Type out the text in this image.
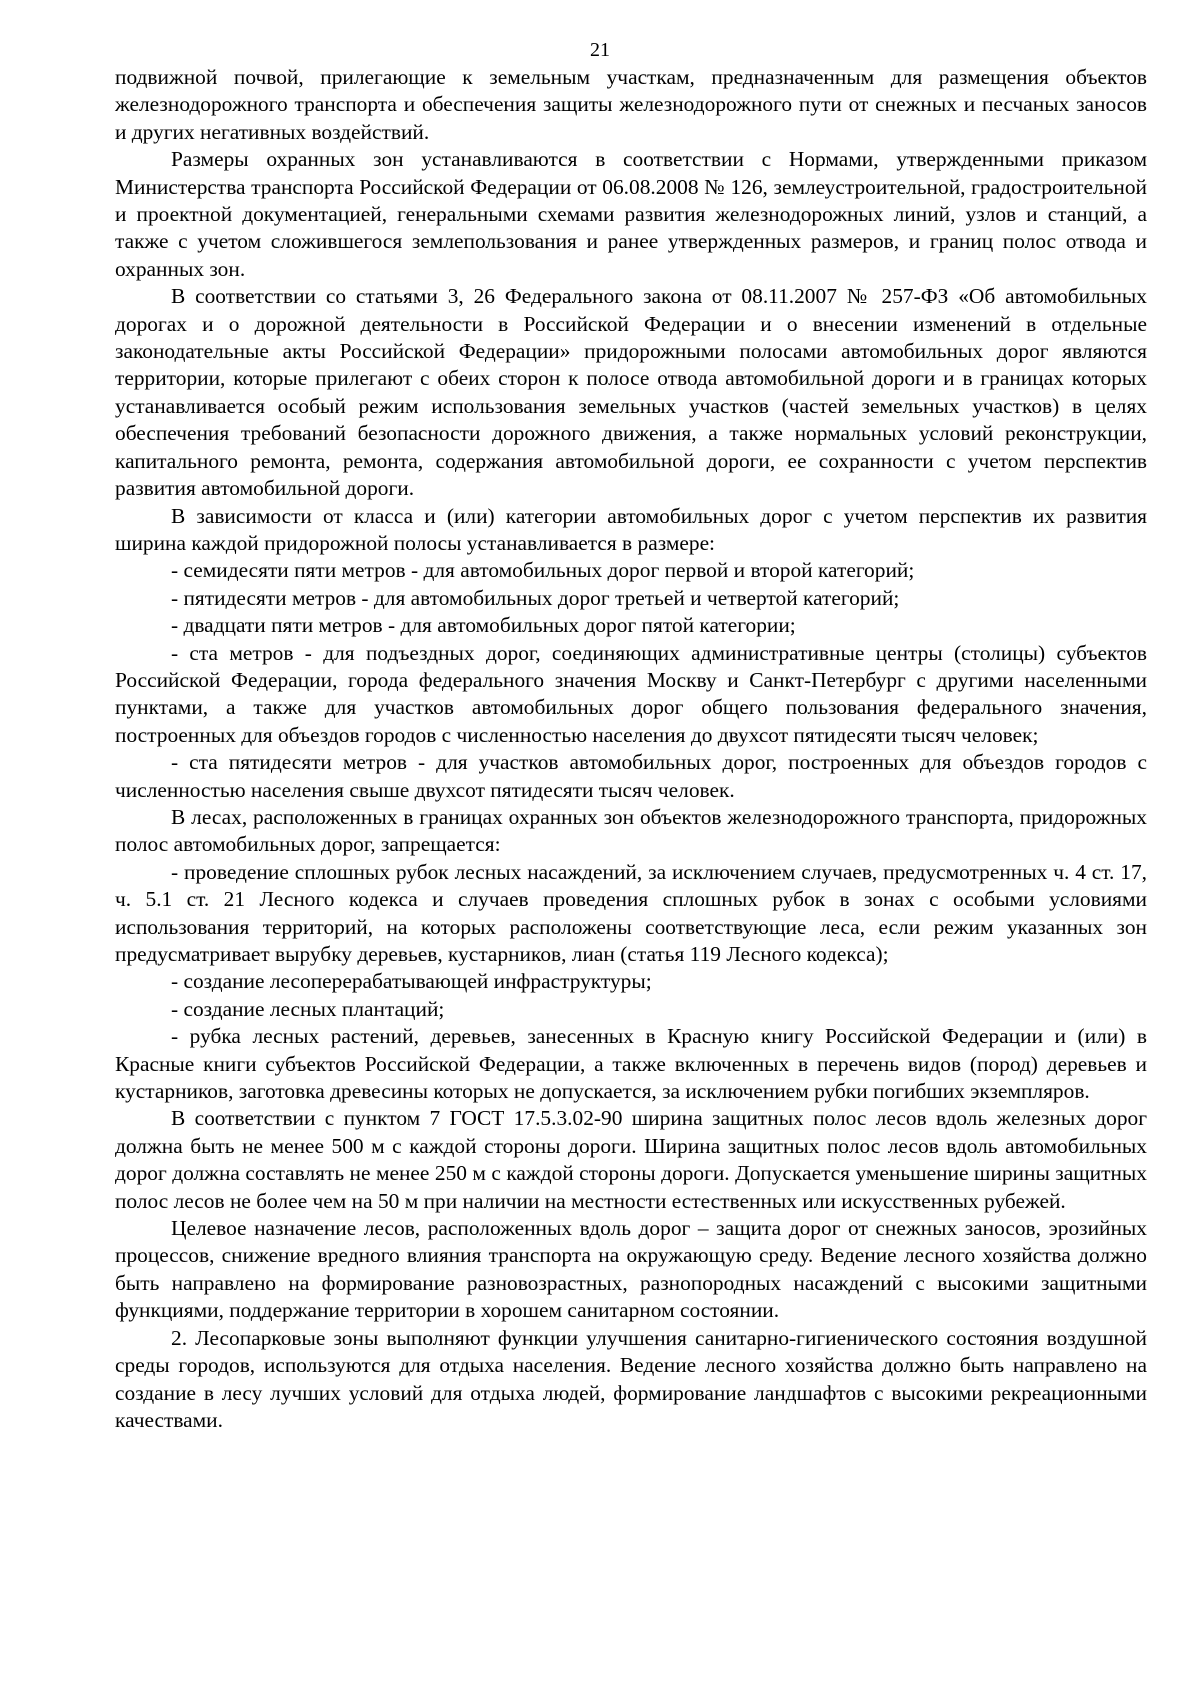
21

подвижной почвой, прилегающие к земельным участкам, предназначенным для размещения объектов железнодорожного транспорта и обеспечения защиты железнодорожного пути от снежных и песчаных заносов и других негативных воздействий.

Размеры охранных зон устанавливаются в соответствии с Нормами, утвержденными приказом Министерства транспорта Российской Федерации от 06.08.2008 № 126, землеустроительной, градостроительной и проектной документацией, генеральными схемами развития железнодорожных линий, узлов и станций, а также с учетом сложившегося землепользования и ранее утвержденных размеров, и границ полос отвода и охранных зон.

В соответствии со статьями 3, 26 Федерального закона от 08.11.2007 № 257-ФЗ «Об автомобильных дорогах и о дорожной деятельности в Российской Федерации и о внесении изменений в отдельные законодательные акты Российской Федерации» придорожными полосами автомобильных дорог являются территории, которые прилегают с обеих сторон к полосе отвода автомобильной дороги и в границах которых устанавливается особый режим использования земельных участков (частей земельных участков) в целях обеспечения требований безопасности дорожного движения, а также нормальных условий реконструкции, капитального ремонта, ремонта, содержания автомобильной дороги, ее сохранности с учетом перспектив развития автомобильной дороги.

В зависимости от класса и (или) категории автомобильных дорог с учетом перспектив их развития ширина каждой придорожной полосы устанавливается в размере:

- семидесяти пяти метров - для автомобильных дорог первой и второй категорий;

- пятидесяти метров - для автомобильных дорог третьей и четвертой категорий;

- двадцати пяти метров - для автомобильных дорог пятой категории;

- ста метров - для подъездных дорог, соединяющих административные центры (столицы) субъектов Российской Федерации, города федерального значения Москву и Санкт-Петербург с другими населенными пунктами, а также для участков автомобильных дорог общего пользования федерального значения, построенных для объездов городов с численностью населения до двухсот пятидесяти тысяч человек;

- ста пятидесяти метров - для участков автомобильных дорог, построенных для объездов городов с численностью населения свыше двухсот пятидесяти тысяч человек.

В лесах, расположенных в границах охранных зон объектов железнодорожного транспорта, придорожных полос автомобильных дорог, запрещается:

- проведение сплошных рубок лесных насаждений, за исключением случаев, предусмотренных ч. 4 ст. 17, ч. 5.1 ст. 21 Лесного кодекса и случаев проведения сплошных рубок в зонах с особыми условиями использования территорий, на которых расположены соответствующие леса, если режим указанных зон предусматривает вырубку деревьев, кустарников, лиан (статья 119 Лесного кодекса);

- создание лесоперерабатывающей инфраструктуры;

- создание лесных плантаций;

- рубка лесных растений, деревьев, занесенных в Красную книгу Российской Федерации и (или) в Красные книги субъектов Российской Федерации, а также включенных в перечень видов (пород) деревьев и кустарников, заготовка древесины которых не допускается, за исключением рубки погибших экземпляров.

В соответствии с пунктом 7 ГОСТ 17.5.3.02-90 ширина защитных полос лесов вдоль железных дорог должна быть не менее 500 м с каждой стороны дороги. Ширина защитных полос лесов вдоль автомобильных дорог должна составлять не менее 250 м с каждой стороны дороги. Допускается уменьшение ширины защитных полос лесов не более чем на 50 м при наличии на местности естественных или искусственных рубежей.

Целевое назначение лесов, расположенных вдоль дорог – защита дорог от снежных заносов, эрозийных процессов, снижение вредного влияния транспорта на окружающую среду. Ведение лесного хозяйства должно быть направлено на формирование разновозрастных, разнопородных насаждений с высокими защитными функциями, поддержание территории в хорошем санитарном состоянии.

2. Лесопарковые зоны выполняют функции улучшения санитарно-гигиенического состояния воздушной среды городов, используются для отдыха населения. Ведение лесного хозяйства должно быть направлено на создание в лесу лучших условий для отдыха людей, формирование ландшафтов с высокими рекреационными качествами.
